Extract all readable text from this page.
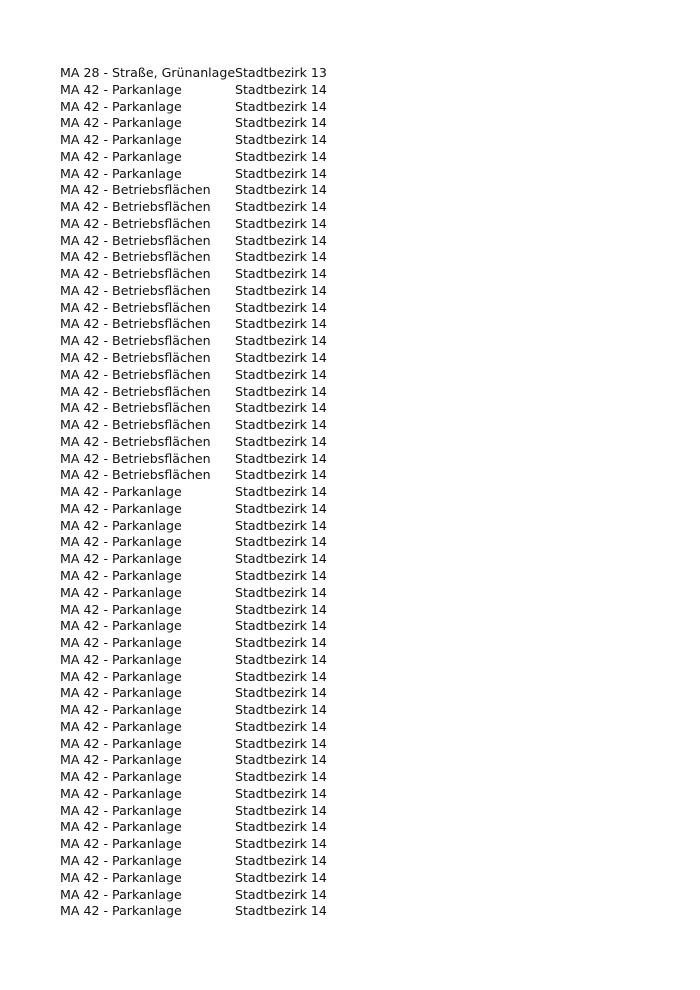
MA 28 - Straße, Grünanlage Stadtbezirk 13
MA 42 - Parkanlage	Stadtbezirk 14
MA 42 - Parkanlage	Stadtbezirk 14
MA 42 - Parkanlage	Stadtbezirk 14
MA 42 - Parkanlage	Stadtbezirk 14
MA 42 - Parkanlage	Stadtbezirk 14
MA 42 - Parkanlage	Stadtbezirk 14
MA 42 - Betriebsflächen	Stadtbezirk 14
MA 42 - Betriebsflächen	Stadtbezirk 14
MA 42 - Betriebsflächen	Stadtbezirk 14
MA 42 - Betriebsflächen	Stadtbezirk 14
MA 42 - Betriebsflächen	Stadtbezirk 14
MA 42 - Betriebsflächen	Stadtbezirk 14
MA 42 - Betriebsflächen	Stadtbezirk 14
MA 42 - Betriebsflächen	Stadtbezirk 14
MA 42 - Betriebsflächen	Stadtbezirk 14
MA 42 - Betriebsflächen	Stadtbezirk 14
MA 42 - Betriebsflächen	Stadtbezirk 14
MA 42 - Betriebsflächen	Stadtbezirk 14
MA 42 - Betriebsflächen	Stadtbezirk 14
MA 42 - Betriebsflächen	Stadtbezirk 14
MA 42 - Betriebsflächen	Stadtbezirk 14
MA 42 - Betriebsflächen	Stadtbezirk 14
MA 42 - Betriebsflächen	Stadtbezirk 14
MA 42 - Betriebsflächen	Stadtbezirk 14
MA 42 - Parkanlage	Stadtbezirk 14
MA 42 - Parkanlage	Stadtbezirk 14
MA 42 - Parkanlage	Stadtbezirk 14
MA 42 - Parkanlage	Stadtbezirk 14
MA 42 - Parkanlage	Stadtbezirk 14
MA 42 - Parkanlage	Stadtbezirk 14
MA 42 - Parkanlage	Stadtbezirk 14
MA 42 - Parkanlage	Stadtbezirk 14
MA 42 - Parkanlage	Stadtbezirk 14
MA 42 - Parkanlage	Stadtbezirk 14
MA 42 - Parkanlage	Stadtbezirk 14
MA 42 - Parkanlage	Stadtbezirk 14
MA 42 - Parkanlage	Stadtbezirk 14
MA 42 - Parkanlage	Stadtbezirk 14
MA 42 - Parkanlage	Stadtbezirk 14
MA 42 - Parkanlage	Stadtbezirk 14
MA 42 - Parkanlage	Stadtbezirk 14
MA 42 - Parkanlage	Stadtbezirk 14
MA 42 - Parkanlage	Stadtbezirk 14
MA 42 - Parkanlage	Stadtbezirk 14
MA 42 - Parkanlage	Stadtbezirk 14
MA 42 - Parkanlage	Stadtbezirk 14
MA 42 - Parkanlage	Stadtbezirk 14
MA 42 - Parkanlage	Stadtbezirk 14
MA 42 - Parkanlage	Stadtbezirk 14
MA 42 - Parkanlage	Stadtbezirk 14
